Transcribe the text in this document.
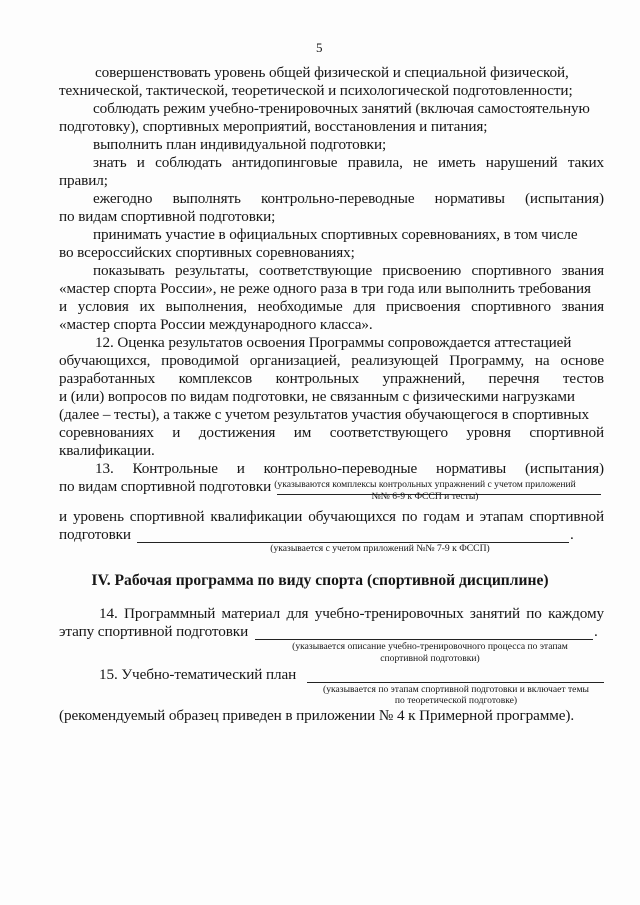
5
совершенствовать уровень общей физической и специальной физической,
технической, тактической, теоретической и психологической подготовленности;
соблюдать режим учебно-тренировочных занятий (включая самостоятельную
подготовку), спортивных мероприятий, восстановления и питания;
выполнить план индивидуальной подготовки;
знать и соблюдать антидопинговые правила, не иметь нарушений таких
правил;
ежегодно выполнять контрольно-переводные нормативы (испытания)
по видам спортивной подготовки;
принимать участие в официальных спортивных соревнованиях, в том числе
во всероссийских спортивных соревнованиях;
показывать результаты, соответствующие присвоению спортивного звания
«мастер спорта России», не реже одного раза в три года или выполнить требования
и условия их выполнения, необходимые для присвоения спортивного звания
«мастер спорта России международного класса».
12. Оценка результатов освоения Программы сопровождается аттестацией
обучающихся, проводимой организацией, реализующей Программу, на основе
разработанных комплексов контрольных упражнений, перечня тестов
и (или) вопросов по видам подготовки, не связанным с физическими нагрузками
(далее – тесты), а также с учетом результатов участия обучающегося в спортивных
соревнованиях и достижения им соответствующего уровня спортивной
квалификации.
13. Контрольные и контрольно-переводные нормативы (испытания)
по видам спортивной подготовки (указываются комплексы контрольных упражнений с учетом приложений
№№ 6-9 к ФССП и тесты)
и уровень спортивной квалификации обучающихся по годам и этапам спортивной
подготовки	.
(указывается с учетом приложений №№ 7-9 к ФССП)
IV. Рабочая программа по виду спорта (спортивной дисциплине)
14. Программный материал для учебно-тренировочных занятий по каждому
этапу спортивной подготовки	.
(указывается описание учебно-тренировочного процесса по этапам
спортивной подготовки)
15. Учебно-тематический план
(указывается по этапам спортивной подготовки и включает темы
по теоретической подготовке)
(рекомендуемый образец приведен в приложении № 4 к Примерной программе).
